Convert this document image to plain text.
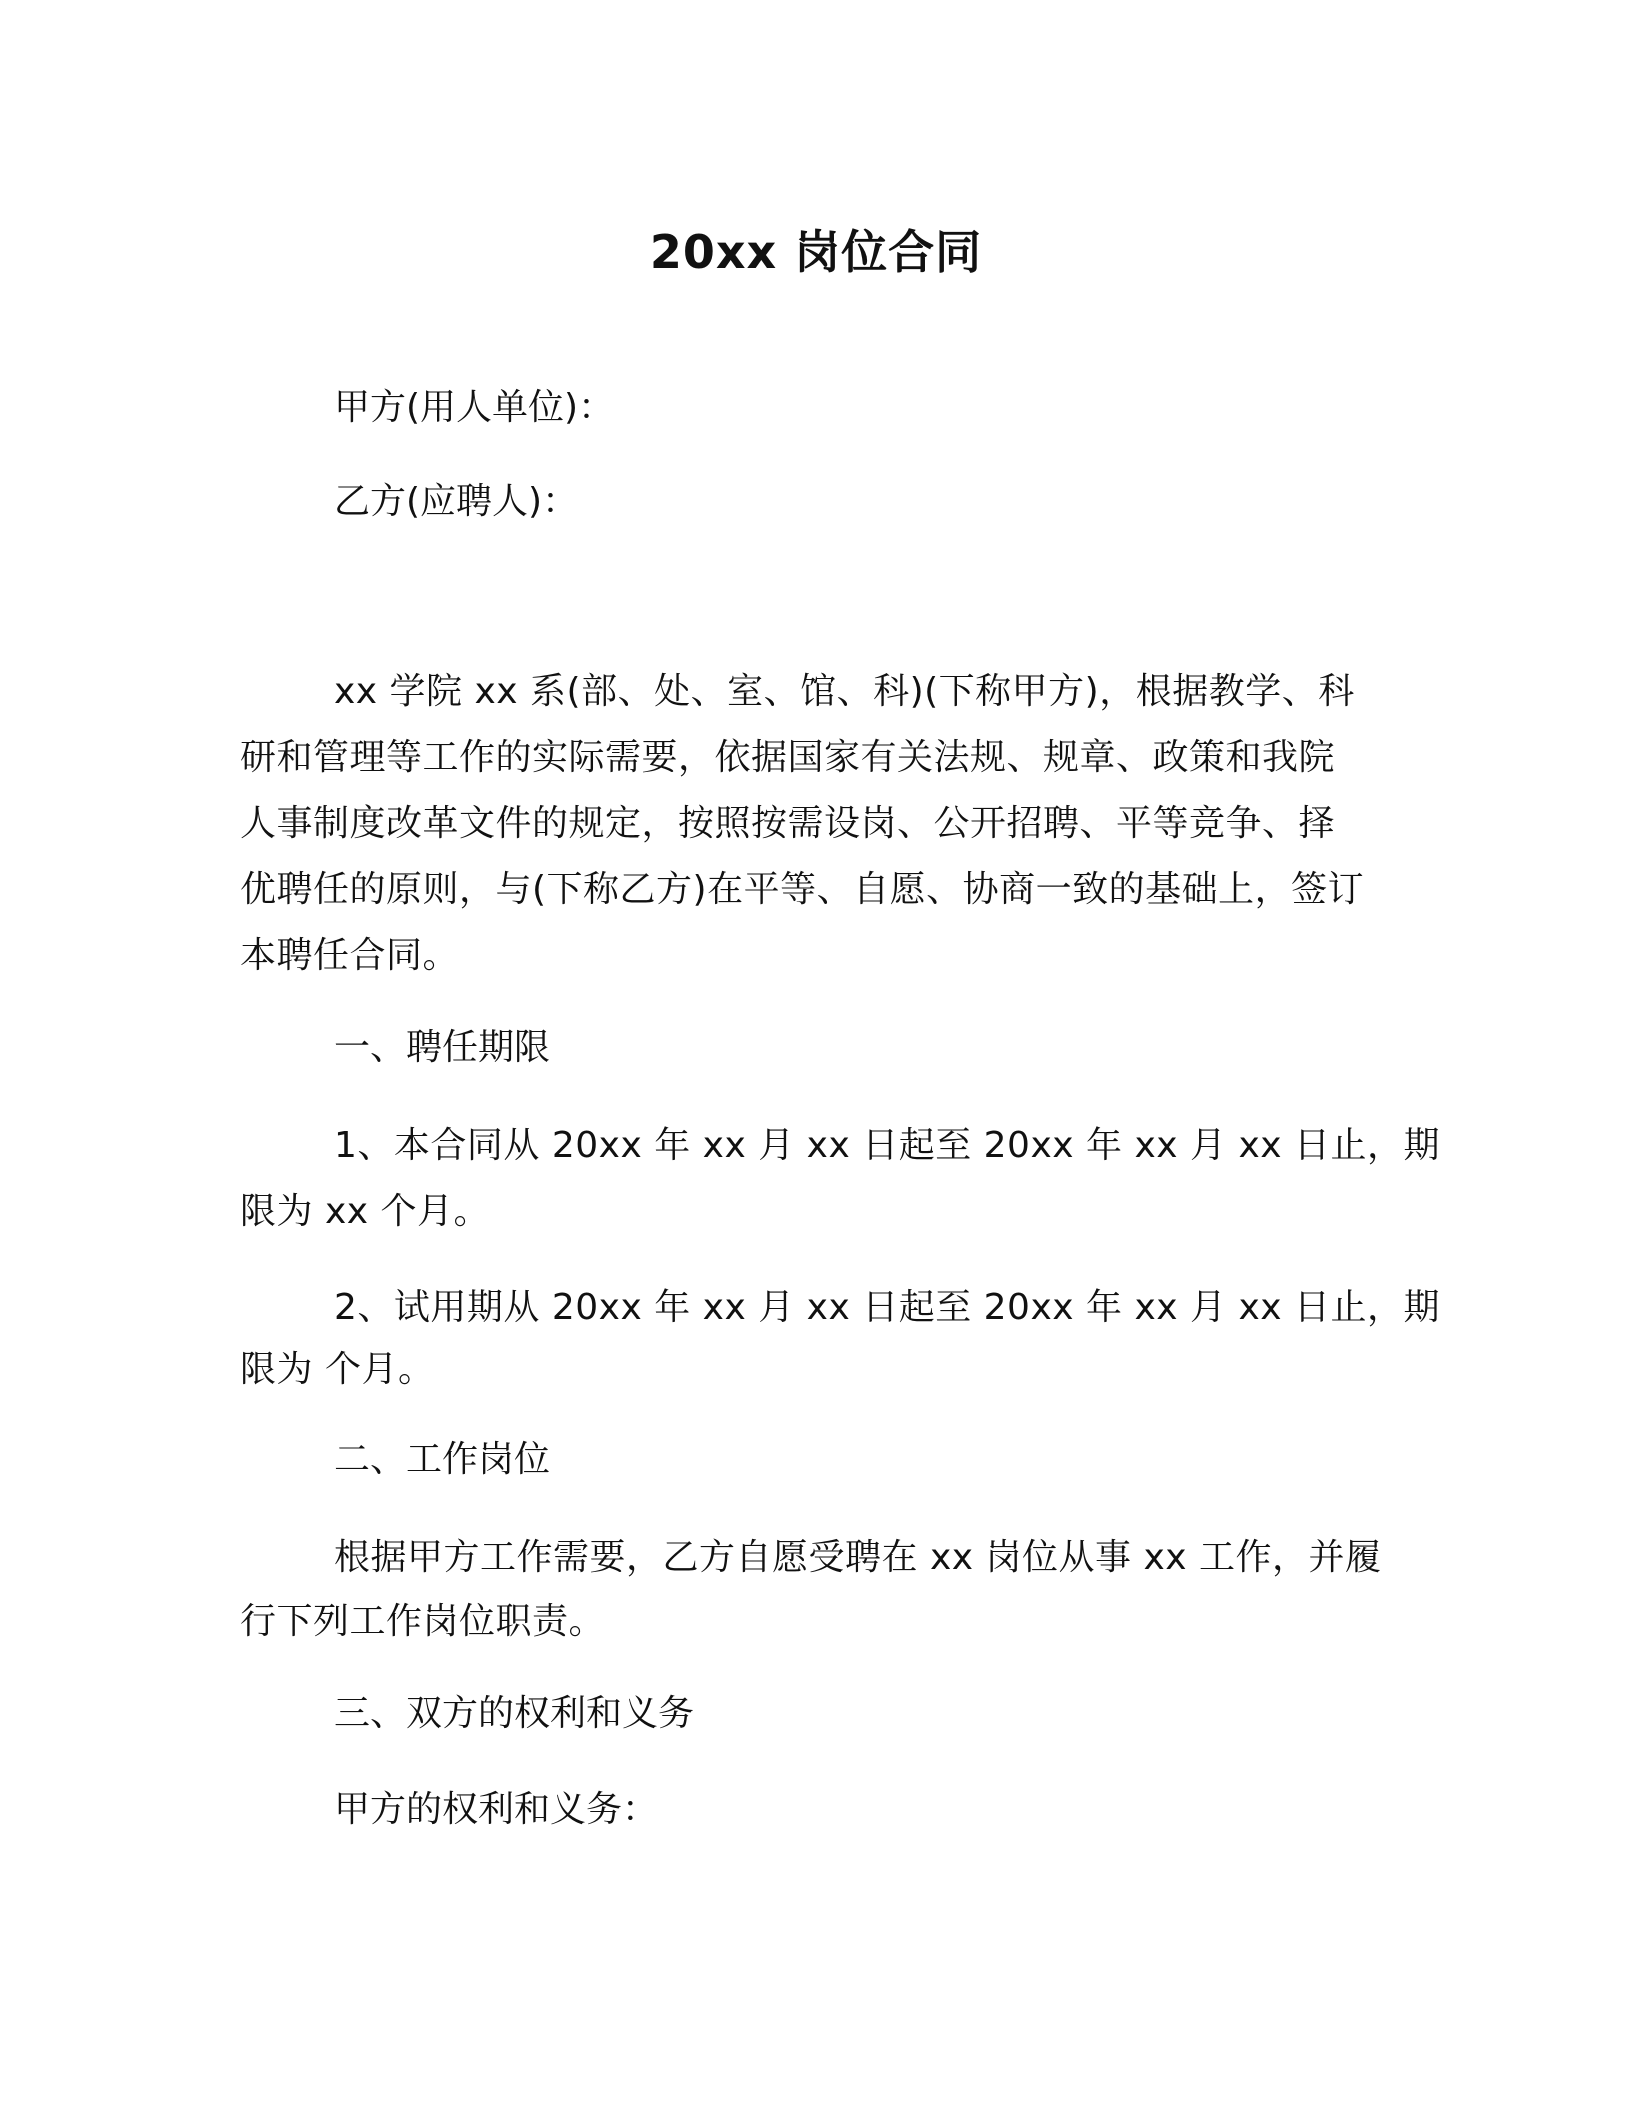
20xx 岗位合同

甲方(用人单位)：

乙方(应聘人)：

xx 学院 xx 系(部、处、室、馆、科)(下称甲方)，根据教学、科

研和管理等工作的实际需要，依据国家有关法规、规章、政策和我院

人事制度改革文件的规定，按照按需设岗、公开招聘、平等竞争、择

优聘任的原则，与(下称乙方)在平等、自愿、协商一致的基础上，签订

本聘任合同。

一、聘任期限

1、本合同从 20xx 年 xx 月 xx 日起至 20xx 年 xx 月 xx 日止，期

限为 xx 个月。

2、试用期从 20xx 年 xx 月 xx 日起至 20xx 年 xx 月 xx 日止，期

限为 个月。

二、工作岗位

根据甲方工作需要，乙方自愿受聘在 xx 岗位从事 xx 工作，并履

行下列工作岗位职责。

三、双方的权利和义务

甲方的权利和义务：
